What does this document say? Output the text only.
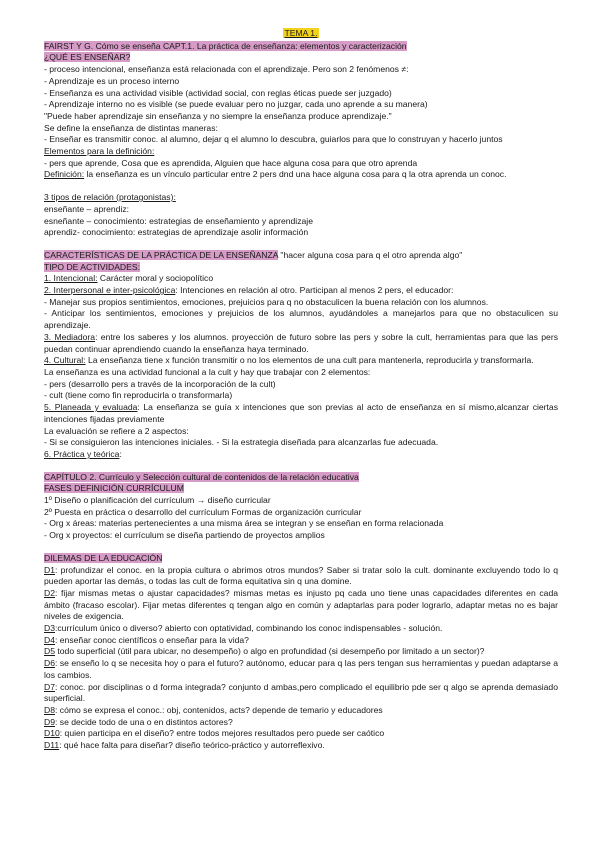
TEMA 1.
FAIRST Y G. Cómo se enseña CAPT.1. La práctica de enseñanza: elementos y caracterización
¿QUÉ ES ENSEÑAR?
- proceso intencional, enseñanza está relacionada con el aprendizaje. Pero son 2 fenómenos ≠:
- Aprendizaje es un proceso interno
- Enseñanza es una actividad visible (actividad social, con reglas éticas puede ser juzgado)
- Aprendizaje interno no es visible (se puede evaluar pero no juzgar, cada uno aprende a su manera)
"Puede haber aprendizaje sin enseñanza y no siempre la enseñanza produce aprendizaje."
Se define la enseñanza de distintas maneras:
- Enseñar es transmitir conoc. al alumno, dejar q el alumno lo descubra, guiarlos para que lo construyan y hacerlo juntos
Elementos para la definición:
- pers que aprende, Cosa que es aprendida, Alguien que hace alguna cosa para que otro aprenda
Definición: la enseñanza es un vínculo particular entre 2 pers dnd una hace alguna cosa para q la otra aprenda un conoc.
3 tipos de relación (protagonistas):
enseñante – aprendiz:
esneñante – conocimiento: estrategias de enseñamiento y aprendizaje
aprendiz- conocimiento: estrategias de aprendizaje asolir información
CARACTERÍSTICAS DE LA PRÁCTICA DE LA ENSEÑANZA "hacer alguna cosa para q el otro aprenda algo"
TIPO DE ACTIVIDADES:
1. Intencional: Carácter moral y sociopolítico
2. Interpersonal e inter-psicológica: Intenciones en relación al otro. Participan al menos 2 pers, el educador:
- Manejar sus propios sentimientos, emociones, prejuicios para q no obstaculicen la buena relación con los alumnos.
- Anticipar los sentimientos, emociones y prejuicios de los alumnos, ayudándoles a manejarlos para que no obstaculicen su aprendizaje.
3. Mediadora: entre los saberes y los alumnos. proyección de futuro sobre las pers y sobre la cult, herramientas para que las pers puedan continuar aprendiendo cuando la enseñanza haya terminado.
4. Cultural: La enseñanza tiene x función transmitir o no los elementos de una cult para mantenerla, reproducirla y transformarla.
La enseñanza es una actividad funcional a la cult y hay que trabajar con 2 elementos:
- pers (desarrollo pers a través de la incorporación de la cult)
- cult (tiene como fin reproducirla o transformarla)
5. Planeada y evaluada: La enseñanza se guía x intenciones que son previas al acto de enseñanza en sí mismo,alcanzar ciertas intenciones fijadas previamente
La evaluación se refiere a 2 aspectos:
- Si se consiguieron las intenciones iniciales. - Si la estrategia diseñada para alcanzarlas fue adecuada.
6. Práctica y teórica:
CAPÍTULO 2. Currículo y Selección cultural de contenidos de la relación educativa
FASES DEFINICIÓN CURRÍCULUM
1º Diseño o planificación del currículum → diseño curricular
2º Puesta en práctica o desarrollo del currículum Formas de organización curricular
- Org x áreas: materias pertenecientes a una misma área se integran y se enseñan en forma relacionada
- Org x proyectos: el currículum se diseña partiendo de proyectos amplios
DILEMAS DE LA EDUCACIÓN
D1: profundizar el conoc. en la propia cultura o abrimos otros mundos? Saber si tratar solo la cult. dominante excluyendo todo lo q pueden aportar las demás, o todas las cult de forma equitativa sin q una domine.
D2: fijar mismas metas o ajustar capacidades? mismas metas es injusto pq cada uno tiene unas capacidades diferentes en cada ámbito (fracaso escolar). Fijar metas diferentes q tengan algo en común y adaptarlas para poder lograrlo, adaptar metas no es bajar niveles de exigencia.
D3:currículum único o diverso? abierto con optatividad, combinando los conoc indispensables - solución.
D4: enseñar conoc científicos o enseñar para la vida?
D5 todo superficial (útil para ubicar, no desempeño) o algo en profundidad (si desempeño por limitado a un sector)?
D6: se enseño lo q se necesita hoy o para el futuro? autónomo, educar para q las pers tengan sus herramientas y puedan adaptarse a los cambios.
D7: conoc. por disciplinas o d forma integrada? conjunto d ambas,pero complicado el equilibrio pde ser q algo se aprenda demasiado superficial.
D8: cómo se expresa el conoc.: obj, contenidos, acts? depende de temario y educadores
D9: se decide todo de una o en distintos actores?
D10: quien participa en el diseño? entre todos mejores resultados pero puede ser caótico
D11: qué hace falta para diseñar? diseño teórico-práctico y autorreflexivo.
